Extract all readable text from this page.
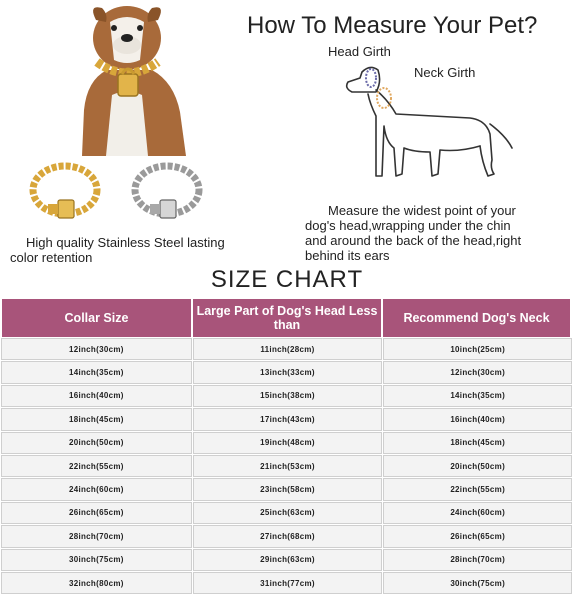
High quality Stainless Steel lasting
color retention
How To Measure Your Pet?
Head Girth
Neck Girth
Measure the widest point of your
dog's head,wrapping under the chin
and around the back of the head,right
behind its ears
SIZE CHART
Collar Size	Large Part of Dog's Head Less than	Recommend Dog's Neck
12inch(30cm)	11inch(28cm)	10inch(25cm)
14inch(35cm)	13inch(33cm)	12inch(30cm)
16inch(40cm)	15inch(38cm)	14inch(35cm)
18inch(45cm)	17inch(43cm)	16inch(40cm)
20inch(50cm)	19inch(48cm)	18inch(45cm)
22inch(55cm)	21inch(53cm)	20inch(50cm)
24inch(60cm)	23inch(58cm)	22inch(55cm)
26inch(65cm)	25inch(63cm)	24inch(60cm)
28inch(70cm)	27inch(68cm)	26inch(65cm)
30inch(75cm)	29inch(63cm)	28inch(70cm)
32inch(80cm)	31inch(77cm)	30inch(75cm)
